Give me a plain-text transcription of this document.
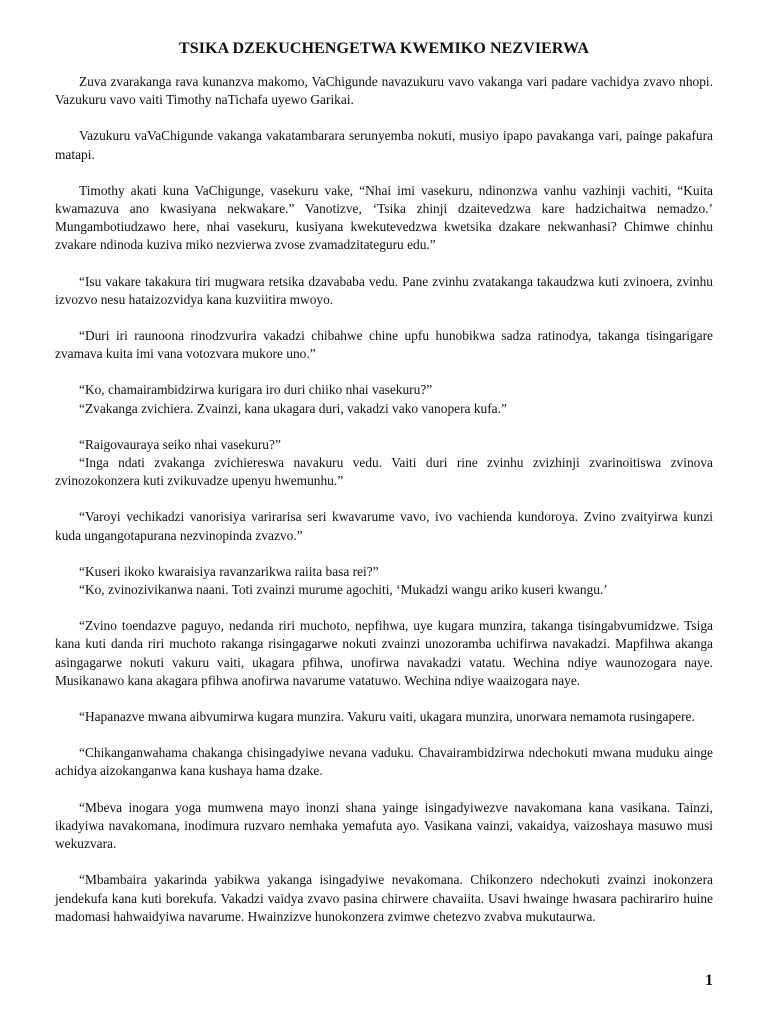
TSIKA DZEKUCHENGETWA KWEMIKO NEZVIERWA

Zuva zvarakanga rava kunanzva makomo, VaChigunde navazukuru vavo vakanga vari padare vachidya zvavo nhopi. Vazukuru vavo vaiti Timothy naTichafa uyewo Garikai.

Vazukuru vaVaChigunde vakanga vakatambarara serunyemba nokuti, musiyo ipapo pavakanga vari, painge pakafura matapi.

Timothy akati kuna VaChigunge, vasekuru vake, “Nhai imi vasekuru, ndinonzwa vanhu vazhinji vachiti, “Kuita kwamazuva ano kwasiyana nekwakare.” Vanotizve, ‘Tsika zhinji dzaitevedzwa kare hadzichaitwa nemadzo.’ Mungambotiudzawo here, nhai vasekuru, kusiyana kwekutevedzwa kwetsika dzakare nekwanhasi? Chimwe chinhu zvakare ndinoda kuziva miko nezvierwa zvose zvamadzitateguru edu.”

“Isu vakare takakura tiri mugwara retsika dzavababa vedu. Pane zvinhu zvatakanga takaudzwa kuti zvinoera, zvinhu izvozvo nesu hataizozvidya kana kuzviitira mwoyo.

“Duri iri raunoona rinodzvurira vakadzi chibahwe chine upfu hunobikwa sadza ratinodya, takanga tisingarigare zvamava kuita imi vana votozvara mukore uno.”

“Ko, chamairambidzirwa kurigara iro duri chiiko nhai vasekuru?”

“Zvakanga zvichiera. Zvainzi, kana ukagara duri, vakadzi vako vanopera kufa.”

“Raigovauraya seiko nhai vasekuru?”

“Inga ndati zvakanga zvichiereswa navakuru vedu. Vaiti duri rine zvinhu zvizhinji zvarinoitiswa zvinova zvinozokonzera kuti zvikuvadze upenyu hwemunhu.”

“Varoyi vechikadzi vanorisiya varirarisa seri kwavarume vavo, ivo vachienda kundoroya. Zvino zvaityirwa kunzi kuda ungangotapurana nezvinopinda zvazvo.”

“Kuseri ikoko kwaraisiya ravanzarikwa raiita basa rei?”

“Ko, zvinozivikanwa naani. Toti zvainzi murume agochiti, ‘Mukadzi wangu ariko kuseri kwangu.’

“Zvino toendazve paguyo, nedanda riri muchoto, nepfihwa, uye kugara munzira, takanga tisingabvumidzwe. Tsiga kana kuti danda riri muchoto rakanga risingagarwe nokuti zvainzi unozoramba uchifirwa navakadzi. Mapfihwa akanga asingagarwe nokuti vakuru vaiti, ukagara pfihwa, unofirwa navakadzi vatatu. Wechina ndiye waunozogara naye. Musikanawo kana akagara pfihwa anofirwa navarume vatatuwo. Wechina ndiye waaizogara naye.

“Hapanazve mwana aibvumirwa kugara munzira. Vakuru vaiti, ukagara munzira, unorwara nemamota rusingapere.

“Chikanganwahama chakanga chisingadyiwe nevana vaduku. Chavairambidzirwa ndechokuti mwana muduku ainge achidya aizokanganwa kana kushaya hama dzake.

“Mbeva inogara yoga mumwena mayo inonzi shana yainge isingadyiwezve navakomana kana vasikana. Tainzi, ikadyiwa navakomana, inodimura ruzvaro nemhaka yemafuta ayo. Vasikana vainzi, vakaidya, vaizoshaya masuwo musi wekuzvara.

“Mbambaira yakarinda yabikwa yakanga isingadyiwe nevakomana. Chikonzero ndechokuti zvainzi inokonzera jendekufa kana kuti borekufa. Vakadzi vaidya zvavo pasina chirwere chavaiita. Usavi hwainge hwasara pachirariro huine madomasi hahwaidyiwa navarume. Hwainzizve hunokonzera zvimwe chetezvo zvabva mukutaurwa.

1
